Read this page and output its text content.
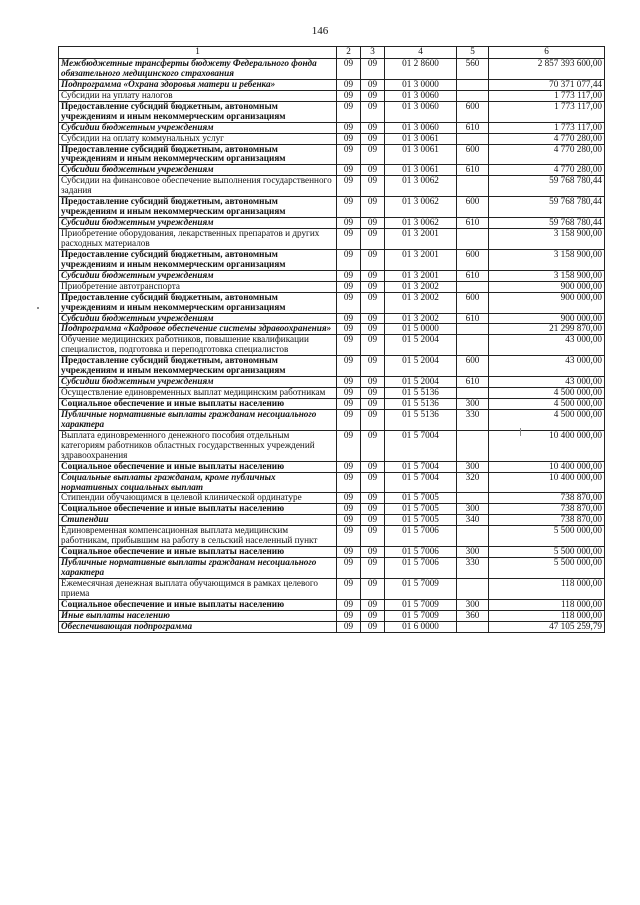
146
1	2	3	4	5	6
Межбюджетные трансферты бюджету Федерального фонда обязательного медицинского страхования	09	09	01 2 8600	560	2 857 393 600,00
Подпрограмма «Охрана здоровья матери и ребенка»	09	09	01 3 0000		70 371 077,44
Субсидии на уплату налогов	09	09	01 3 0060		1 773 117,00
Предоставление субсидий бюджетным, автономным учреждениям и иным некоммерческим организациям	09	09	01 3 0060	600	1 773 117,00
Субсидии бюджетным учреждениям	09	09	01 3 0060	610	1 773 117,00
Субсидии на оплату коммунальных услуг	09	09	01 3 0061		4 770 280,00
Предоставление субсидий бюджетным, автономным учреждениям и иным некоммерческим организациям	09	09	01 3 0061	600	4 770 280,00
Субсидии бюджетным учреждениям	09	09	01 3 0061	610	4 770 280,00
Субсидии на финансовое обеспечение выполнения государственного задания	09	09	01 3 0062		59 768 780,44
Предоставление субсидий бюджетным, автономным учреждениям и иным некоммерческим организациям	09	09	01 3 0062	600	59 768 780,44
Субсидии бюджетным учреждениям	09	09	01 3 0062	610	59 768 780,44
Приобретение оборудования, лекарственных препаратов и других расходных материалов	09	09	01 3 2001		3 158 900,00
Предоставление субсидий бюджетным, автономным учреждениям и иным некоммерческим организациям	09	09	01 3 2001	600	3 158 900,00
Субсидии бюджетным учреждениям	09	09	01 3 2001	610	3 158 900,00
Приобретение автотранспорта	09	09	01 3 2002		900 000,00
Предоставление субсидий бюджетным, автономным учреждениям и иным некоммерческим организациям	09	09	01 3 2002	600	900 000,00
Субсидии бюджетным учреждениям	09	09	01 3 2002	610	900 000,00
Подпрограмма «Кадровое обеспечение системы здравоохранения»	09	09	01 5 0000		21 299 870,00
Обучение медицинских работников, повышение квалификации специалистов, подготовка и переподготовка специалистов	09	09	01 5 2004		43 000,00
Предоставление субсидий бюджетным, автономным учреждениям и иным некоммерческим организациям	09	09	01 5 2004	600	43 000,00
Субсидии бюджетным учреждениям	09	09	01 5 2004	610	43 000,00
Осуществление единовременных выплат медицинским работникам	09	09	01 5 5136		4 500 000,00
Социальное обеспечение и иные выплаты населению	09	09	01 5 5136	300	4 500 000,00
Публичные нормативные выплаты гражданам несоциального характера	09	09	01 5 5136	330	4 500 000,00
Выплата единовременного денежного пособия отдельным категориям работников областных государственных учреждений здравоохранения	09	09	01 5 7004		10 400 000,00
Социальное обеспечение и иные выплаты населению	09	09	01 5 7004	300	10 400 000,00
Социальные выплаты гражданам, кроме публичных нормативных социальных выплат	09	09	01 5 7004	320	10 400 000,00
Стипендии обучающимся в целевой клинической ординатуре	09	09	01 5 7005		738 870,00
Социальное обеспечение и иные выплаты населению	09	09	01 5 7005	300	738 870,00
Стипендии	09	09	01 5 7005	340	738 870,00
Единовременная компенсационная выплата медицинским работникам, прибывшим на работу в сельский населенный пункт	09	09	01 5 7006		5 500 000,00
Социальное обеспечение и иные выплаты населению	09	09	01 5 7006	300	5 500 000,00
Публичные нормативные выплаты гражданам несоциального характера	09	09	01 5 7006	330	5 500 000,00
Ежемесячная денежная выплата обучающимся в рамках целевого приема	09	09	01 5 7009		118 000,00
Социальное обеспечение и иные выплаты населению	09	09	01 5 7009	300	118 000,00
Иные выплаты населению	09	09	01 5 7009	360	118 000,00
Обеспечивающая подпрограмма	09	09	01 6 0000		47 105 259,79
